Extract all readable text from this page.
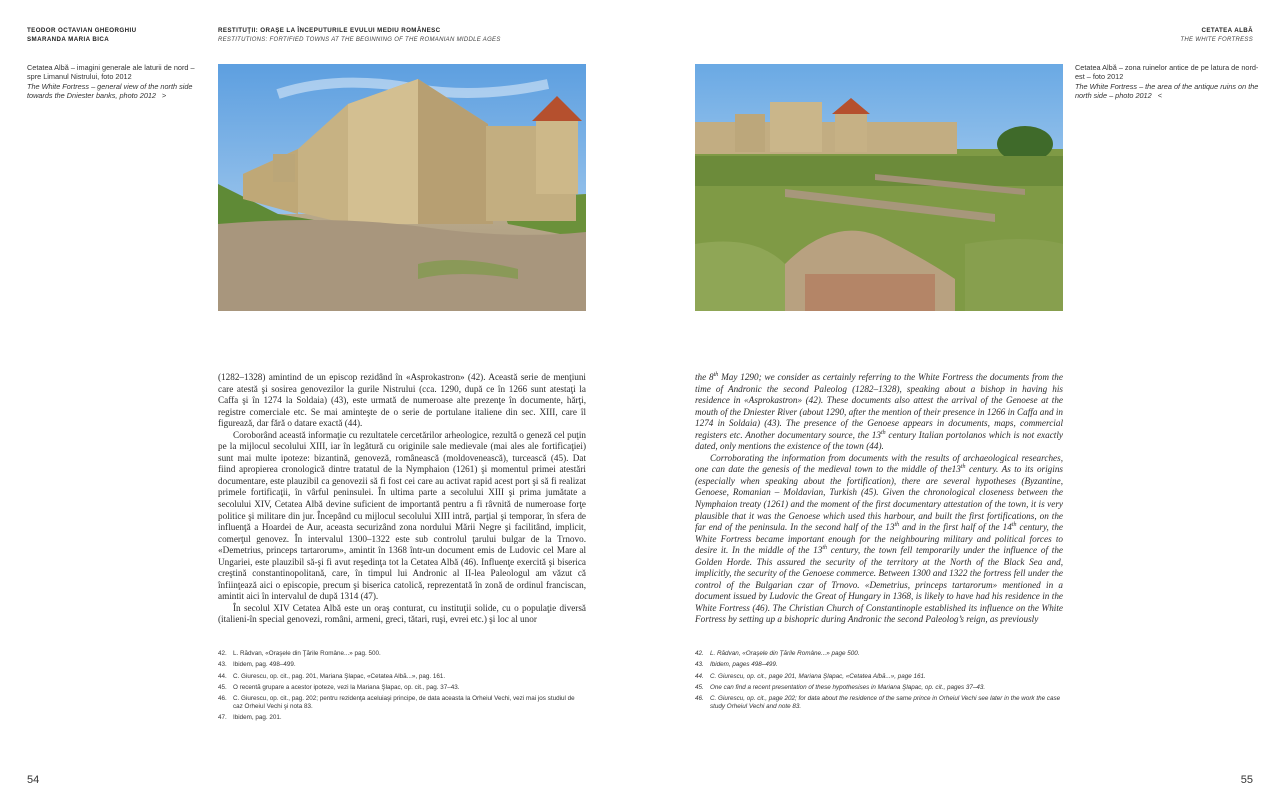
TEODOR OCTAVIAN GHEORGHIU
SMARANDA MARIA BICA
RESTITUŢII: ORAŞE LA ÎNCEPUTURILE EVULUI MEDIU ROMÂNESC
RESTITUTIONS: FORTIFIED TOWNS AT THE BEGINNING OF THE ROMANIAN MIDDLE AGES
CETATEA ALBĂ
THE WHITE FORTRESS
Cetatea Albă – imagini generale ale laturii de nord – spre Limanul Nistrului, foto 2012
The White Fortress – general view of the north side towards the Dniester banks, photo 2012 >
Cetatea Albă – zona ruinelor antice de pe latura de nord-est – foto 2012
The White Fortress – the area of the antique ruins on the north side – photo 2012 <

(1282–1328) amintind de un episcop rezidând în «Asprokastron» (42). Această serie de menţiuni care atestă şi sosirea genovezilor la gurile Nistrului (cca. 1290, după ce în 1266 sunt atestaţi la Caffa şi în 1274 la Soldaia) (43), este urmată de numeroase alte prezenţe în documente, hărţi, registre comerciale etc. Se mai aminteşte de o serie de portulane italiene din sec. XIII, care îl figurează, dar fără o datare exactă (44).

Coroborând această informaţie cu rezultatele cercetărilor arheologice, rezultă o geneză cel puţin pe la mijlocul secolului XIII, iar în legătură cu originile sale medievale (mai ales ale fortificaţiei) sunt mai multe ipoteze: bizantină, genoveză, românească (moldovenească), turcească (45). Dat fiind apropierea cronologică dintre tratatul de la Nymphaion (1261) şi momentul primei atestări documentare, este plauzibil ca genovezii să fi fost cei care au activat rapid acest port şi să fi realizat primele fortificaţii, în vârful peninsulei. În ultima parte a secolului XIII şi prima jumătate a secolului XIV, Cetatea Albă devine suficient de importantă pentru a fi râvnită de numeroase forţe politice şi militare din jur. Începând cu mijlocul secolului XIII intră, parţial şi temporar, în sfera de influenţă a Hoardei de Aur, aceasta securizând zona nordului Mării Negre şi facilitând, implicit, comerţul genovez. În intervalul 1300–1322 este sub controlul ţarului bulgar de la Trnovo. «Demetrius, princeps tartarorum», amintit în 1368 într-un document emis de Ludovic cel Mare al Ungariei, este plauzibil să-şi fi avut reşedinţa tot la Cetatea Albă (46). Influenţe exercită şi biserica creştină constantinopolitană, care, în timpul lui Andronic al II-lea Paleologul am văzut că înfiinţează aici o episcopie, precum şi biserica catolică, reprezentată în zonă de ordinul franciscan, amintit aici în intervalul de după 1314 (47).

În secolul XIV Cetatea Albă este un oraş conturat, cu instituţii solide, cu o populaţie diversă (italieni-în special genovezi, români, armeni, greci, tătari, ruşi, evrei etc.) şi loc al unor

the 8th May 1290; we consider as certainly referring to the White Fortress the documents from the time of Andronic the second Paleolog (1282–1328), speaking about a bishop in having his residence in «Asprokastron» (42). These documents also attest the arrival of the Genoese at the mouth of the Dniester River (about 1290, after the mention of their presence in 1266 in Caffa and in 1274 in Soldaia) (43). The presence of the Genoese appears in documents, maps, commercial registers etc. Another documentary source, the 13th century Italian portolanos which is not exactly dated, only mentions the existence of the town (44).

Corroborating the information from documents with the results of archaeological researches, one can date the genesis of the medieval town to the middle of the13th century. As to its origins (especially when speaking about the fortification), there are several hypotheses (Byzantine, Genoese, Romanian – Moldavian, Turkish (45). Given the chronological closeness between the Nymphaion treaty (1261) and the moment of the first documentary attestation of the town, it is very plausible that it was the Genoese which used this harbour, and built the first fortifications, on the far end of the peninsula. In the second half of the 13th and in the first half of the 14th century, the White Fortress became important enough for the neighbouring military and political forces to desire it. In the middle of the 13th century, the town fell temporarily under the influence of the Golden Horde. This assured the security of the territory at the North of the Black Sea and, implicitly, the security of the Genoese commerce. Between 1300 and 1322 the fortress fell under the control of the Bulgarian czar of Trnovo. «Demetrius, princeps tartarorum» mentioned in a document issued by Ludovic the Great of Hungary in 1368, is likely to have had his residence in the White Fortress (46). The Christian Church of Constantinople established its influence on the White Fortress by setting up a bishopric during Andronic the second Paleolog’s reign, as previously

42. L. Rădvan, «Oraşele din Ţările Române...» pag. 500.
43. Ibidem, pag. 498–499.
44. C. Giurescu, op. cit., pag. 201, Mariana Şlapac, «Cetatea Albă...», pag. 161.
45. O recentă grupare a acestor ipoteze, vezi la Mariana Şlapac, op. cit., pag. 37–43.
46. C. Giurescu, op. cit., pag. 202; pentru rezidenţa aceluiaşi principe, de data aceasta la Orheiul Vechi, vezi mai jos studiul de caz Orheiul Vechi şi nota 83.
47. Ibidem, pag. 201.
42. L. Rădvan, «Oraşele din Ţările Române...» page 500.
43. Ibidem, pages 498–499.
44. C. Giurescu, op. cit., page 201, Mariana Şlapac, «Cetatea Albă...», page 161.
45. One can find a recent presentation of these hypothesises in Mariana Şlapac, op. cit., pages 37–43.
46. C. Giurescu, op. cit., page 202; for data about the residence of the same prince in Orheiul Vechi see later in the work the case study Orheiul Vechi and note 83.
54	55
